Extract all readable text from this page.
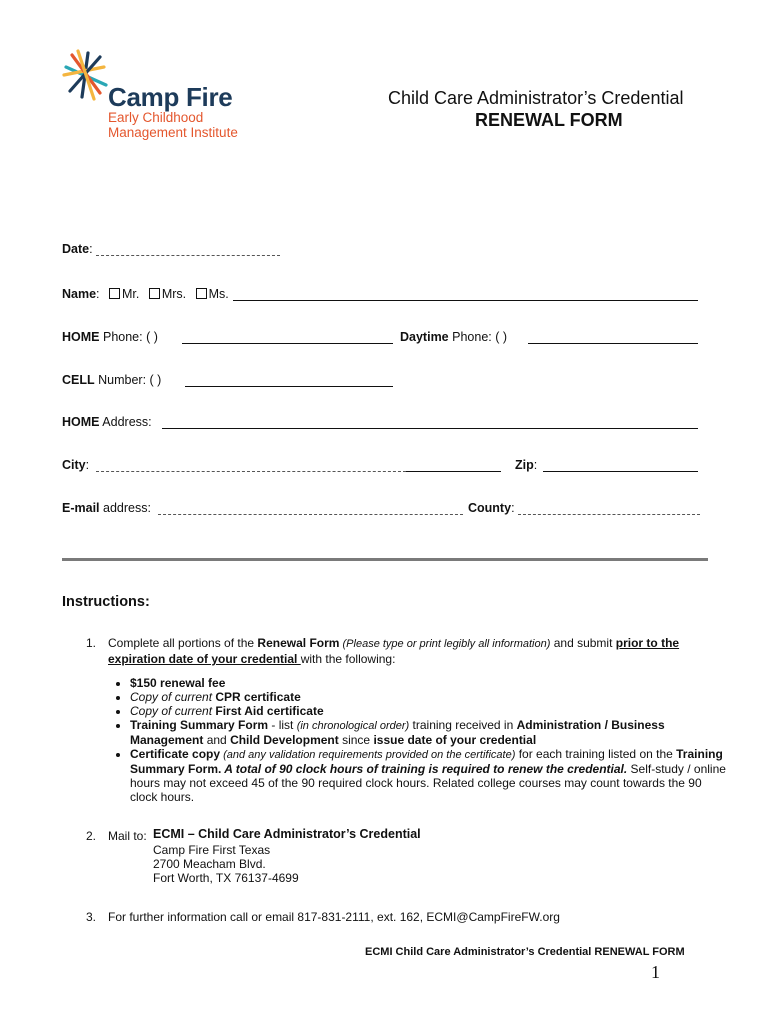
Camp Fire
Early Childhood
Management Institute
Child Care Administrator’s Credential
RENEWAL FORM
Date:
Name: Mr. Mrs. Ms.
HOME Phone: ( )	Daytime Phone: ( )
CELL Number: ( )
HOME Address:
City:	Zip:
E-mail address:	County:
Instructions:
1. Complete all portions of the Renewal Form (Please type or print legibly all information) and submit prior to the expiration date of your credential with the following:
• $150 renewal fee
• Copy of current CPR certificate
• Copy of current First Aid certificate
• Training Summary Form - list (in chronological order) training received in Administration / Business Management and Child Development since issue date of your credential
• Certificate copy (and any validation requirements provided on the certificate) for each training listed on the Training Summary Form. A total of 90 clock hours of training is required to renew the credential. Self-study / online hours may not exceed 45 of the 90 required clock hours. Related college courses may count towards the 90 clock hours.
2. Mail to: ECMI – Child Care Administrator’s Credential
Camp Fire First Texas
2700 Meacham Blvd.
Fort Worth, TX 76137-4699
3. For further information call or email 817-831-2111, ext. 162, ECMI@CampFireFW.org
ECMI Child Care Administrator’s Credential RENEWAL FORM
1
